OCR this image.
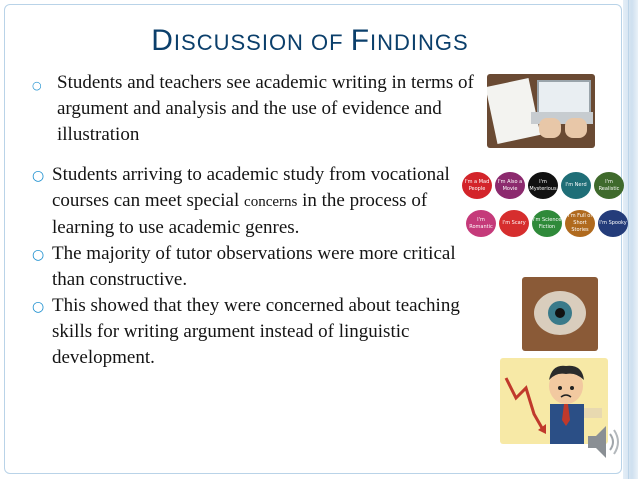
DISCUSSION OF FINDINGS
○ Students and teachers see academic writing in terms of argument and analysis and the use of evidence and illustration
○ Students arriving to academic study from vocational courses can meet special concerns in the process of learning to use academic genres.
○ The majority of tutor observations were more critical than constructive.
○ This showed that they were concerned about teaching skills for writing argument instead of linguistic development.
I'm a Mad People
I'm Also a Movie
I'm Mysterious
I'm Nerd
I'm Realistic
I'm Romantic
I'm Scary
I'm Science Fiction
I'm Full of Short Stories
I'm Spooky
